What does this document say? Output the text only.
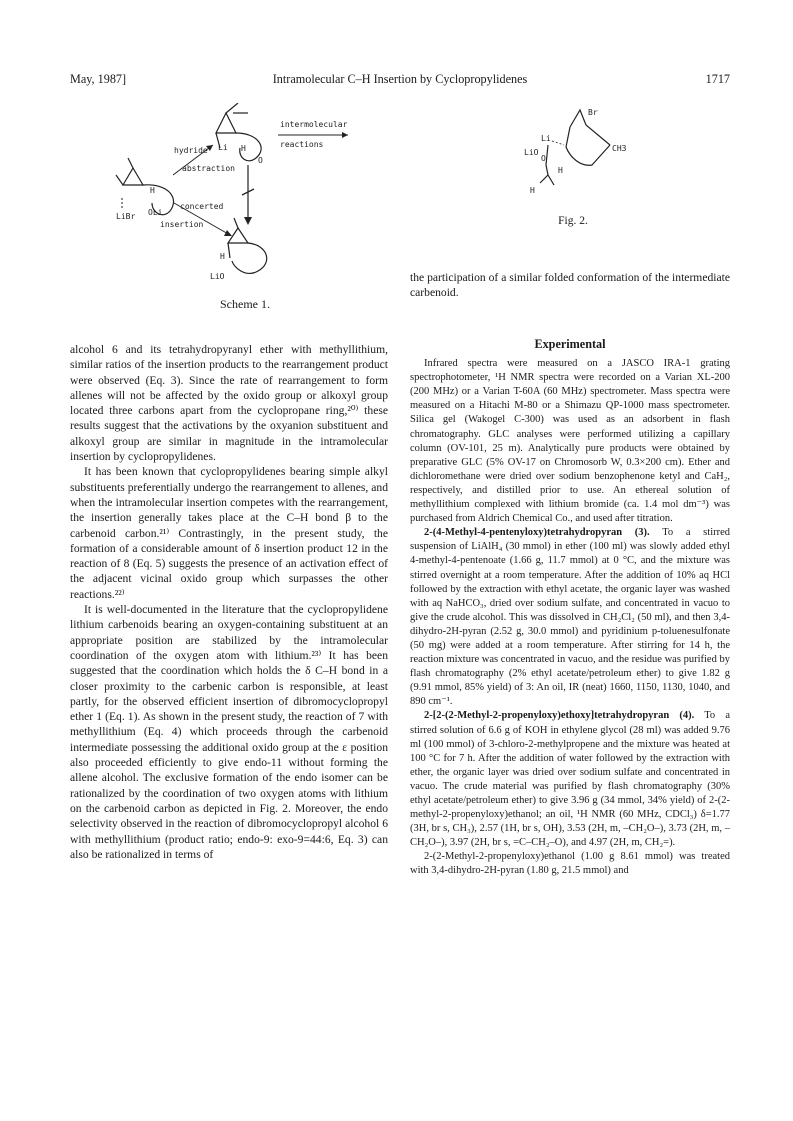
May, 1987]	Intramolecular C–H Insertion by Cyclopropylidenes	1717
Li H
O
intermolecular
reactions
hydride
abstraction
H
LiBr OLi
concerted
insertion
H
LiO
Scheme 1.
Br
Li
LiO
O
CH3
H
H
Fig. 2.

alcohol 6 and its tetrahydropyranyl ether with methyllithium, similar ratios of the insertion products to the rearrangement product were observed (Eq. 3). Since the rate of rearrangement to form allenes will not be affected by the oxido group or alkoxyl group located three carbons apart from the cyclopropane ring,²⁰⁾ these results suggest that the activations by the oxyanion substituent and alkoxyl group are similar in magnitude in the intramolecular insertion by cyclopropylidenes.

It has been known that cyclopropylidenes bearing simple alkyl substituents preferentially undergo the rearrangement to allenes, and when the intramolecular insertion competes with the rearrangement, the insertion generally takes place at the C–H bond β to the carbenoid carbon.²¹⁾ Contrastingly, in the present study, the formation of a considerable amount of δ insertion product 12 in the reaction of 8 (Eq. 5) suggests the presence of an activation effect of the adjacent vicinal oxido group which surpasses the other reactions.²²⁾

It is well-documented in the literature that the cyclopropylidene lithium carbenoids bearing an oxygen-containing substituent at an appropriate position are stabilized by the intramolecular coordination of the oxygen atom with lithium.²³⁾ It has been suggested that the coordination which holds the δ C–H bond in a closer proximity to the carbenic carbon is responsible, at least partly, for the observed efficient insertion of dibromocyclopropyl ether 1 (Eq. 1). As shown in the present study, the reaction of 7 with methyllithium (Eq. 4) which proceeds through the carbenoid intermediate possessing the additional oxido group at the ε position also proceeded efficiently to give endo-11 without forming the allene alcohol. The exclusive formation of the endo isomer can be rationalized by the coordination of two oxygen atoms with lithium on the carbenoid carbon as depicted in Fig. 2. Moreover, the endo selectivity observed in the reaction of dibromocyclopropyl alcohol 6 with methyllithium (product ratio; endo-9: exo-9=44:6, Eq. 3) can also be rationalized in terms of

the participation of a similar folded conformation of the intermediate carbenoid.

Experimental

Infrared spectra were measured on a JASCO IRA-1 grating spectrophotometer, ¹H NMR spectra were recorded on a Varian XL-200 (200 MHz) or a Varian T-60A (60 MHz) spectrometer. Mass spectra were measured on a Hitachi M-80 or a Shimazu QP-1000 mass spectrometer. Silica gel (Wakogel C-300) was used as an adsorbent in flash chromatography. GLC analyses were performed utilizing a capillary column (OV-101, 25 m). Analytically pure products were obtained by preparative GLC (5% OV-17 on Chromosorb W, 0.3×200 cm). Ether and dichloromethane were dried over sodium benzophenone ketyl and CaH₂, respectively, and distilled prior to use. An ethereal solution of methyllithium complexed with lithium bromide (ca. 1.4 mol dm⁻³) was purchased from Aldrich Chemical Co., and used after titration.

2-(4-Methyl-4-pentenyloxy)tetrahydropyran (3). To a stirred suspension of LiAlH₄ (30 mmol) in ether (100 ml) was slowly added ethyl 4-methyl-4-pentenoate (1.66 g, 11.7 mmol) at 0 °C, and the mixture was stirred overnight at a room temperature. After the addition of 10% aq HCl followed by the extraction with ethyl acetate, the organic layer was washed with aq NaHCO₃, dried over sodium sulfate, and concentrated in vacuo to give the crude alcohol. This was dissolved in CH₂Cl₂ (50 ml), and then 3,4-dihydro-2H-pyran (2.52 g, 30.0 mmol) and pyridinium p-toluenesulfonate (50 mg) were added at a room temperature. After stirring for 14 h, the reaction mixture was concentrated in vacuo, and the residue was purified by flash chromatography (2% ethyl acetate/petroleum ether) to give 1.82 g (9.91 mmol, 85% yield) of 3: An oil, IR (neat) 1660, 1150, 1130, 1040, and 890 cm⁻¹.

2-[2-(2-Methyl-2-propenyloxy)ethoxy]tetrahydropyran (4). To a stirred solution of 6.6 g of KOH in ethylene glycol (28 ml) was added 9.76 ml (100 mmol) of 3-chloro-2-methylpropene and the mixture was heated at 100 °C for 7 h. After the addition of water followed by the extraction with ether, the organic layer was dried over sodium sulfate and concentrated in vacuo. The crude material was purified by flash chromatography (30% ethyl acetate/petroleum ether) to give 3.96 g (34 mmol, 34% yield) of 2-(2-methyl-2-propenyloxy)ethanol; an oil, ¹H NMR (60 MHz, CDCl₃) δ=1.77 (3H, br s, CH₃), 2.57 (1H, br s, OH), 3.53 (2H, m, –CH₂O–), 3.73 (2H, m, –CH₂O–), 3.97 (2H, br s, =C–CH₂–O), and 4.97 (2H, m, CH₂=).

2-(2-Methyl-2-propenyloxy)ethanol (1.00 g 8.61 mmol) was treated with 3,4-dihydro-2H-pyran (1.80 g, 21.5 mmol) and
